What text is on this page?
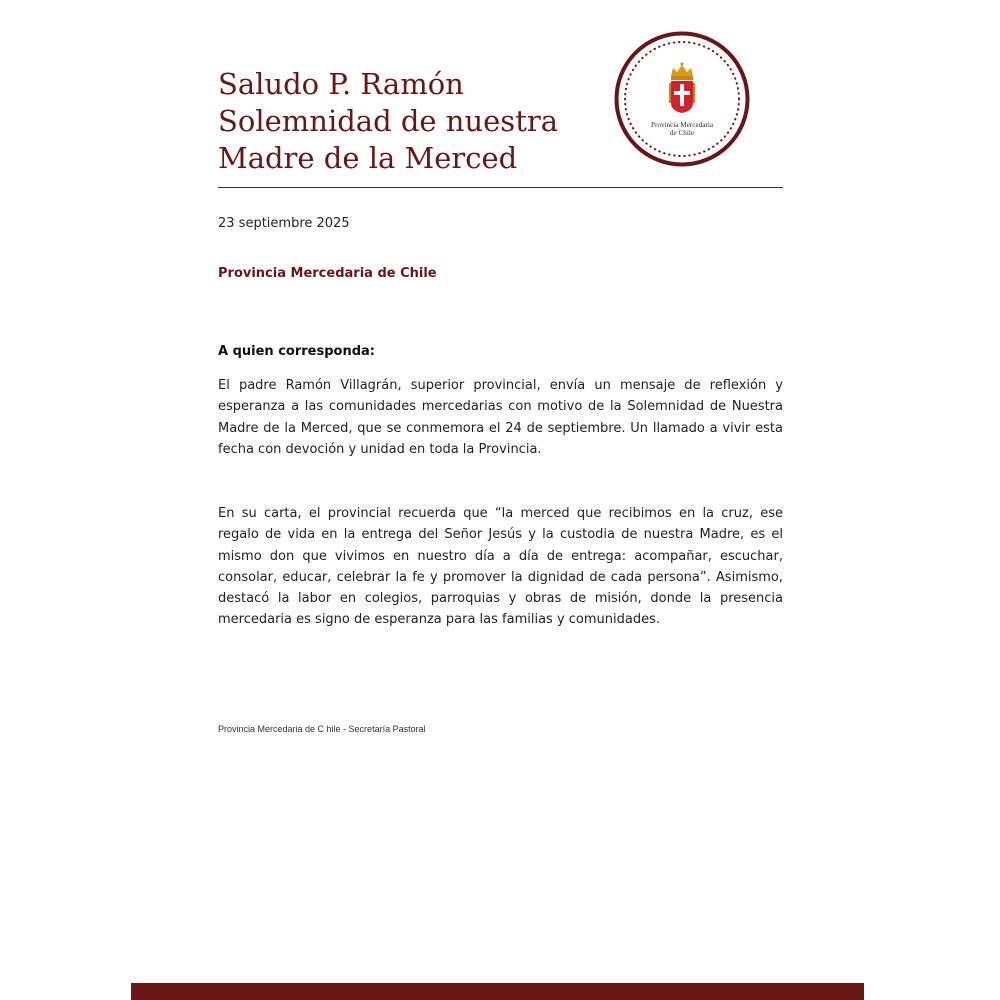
Saludo P. Ramón
Solemnidad de nuestra
Madre de la Merced
Provincia Mercedaria
de Chile
23 septiembre 2025
Provincia Mercedaria de Chile
A quien corresponda:

El padre Ramón Villagrán, superior provincial, envía un mensaje de reflexión y esperanza a las comunidades mercedarias con motivo de la Solemnidad de Nuestra Madre de la Merced, que se conmemora el 24 de septiembre. Un llamado a vivir esta fecha con devoción y unidad en toda la Provincia.

En su carta, el provincial recuerda que “la merced que recibimos en la cruz, ese regalo de vida en la entrega del Señor Jesús y la custodia de nuestra Madre, es el mismo don que vivimos en nuestro día a día de entrega: acompañar, escuchar, consolar, educar, celebrar la fe y promover la dignidad de cada persona”. Asimismo, destacó la labor en colegios, parroquias y obras de misión, donde la presencia mercedaria es signo de esperanza para las familias y comunidades.

Provincia Mercedaria de C hile - Secretaría Pastoral
